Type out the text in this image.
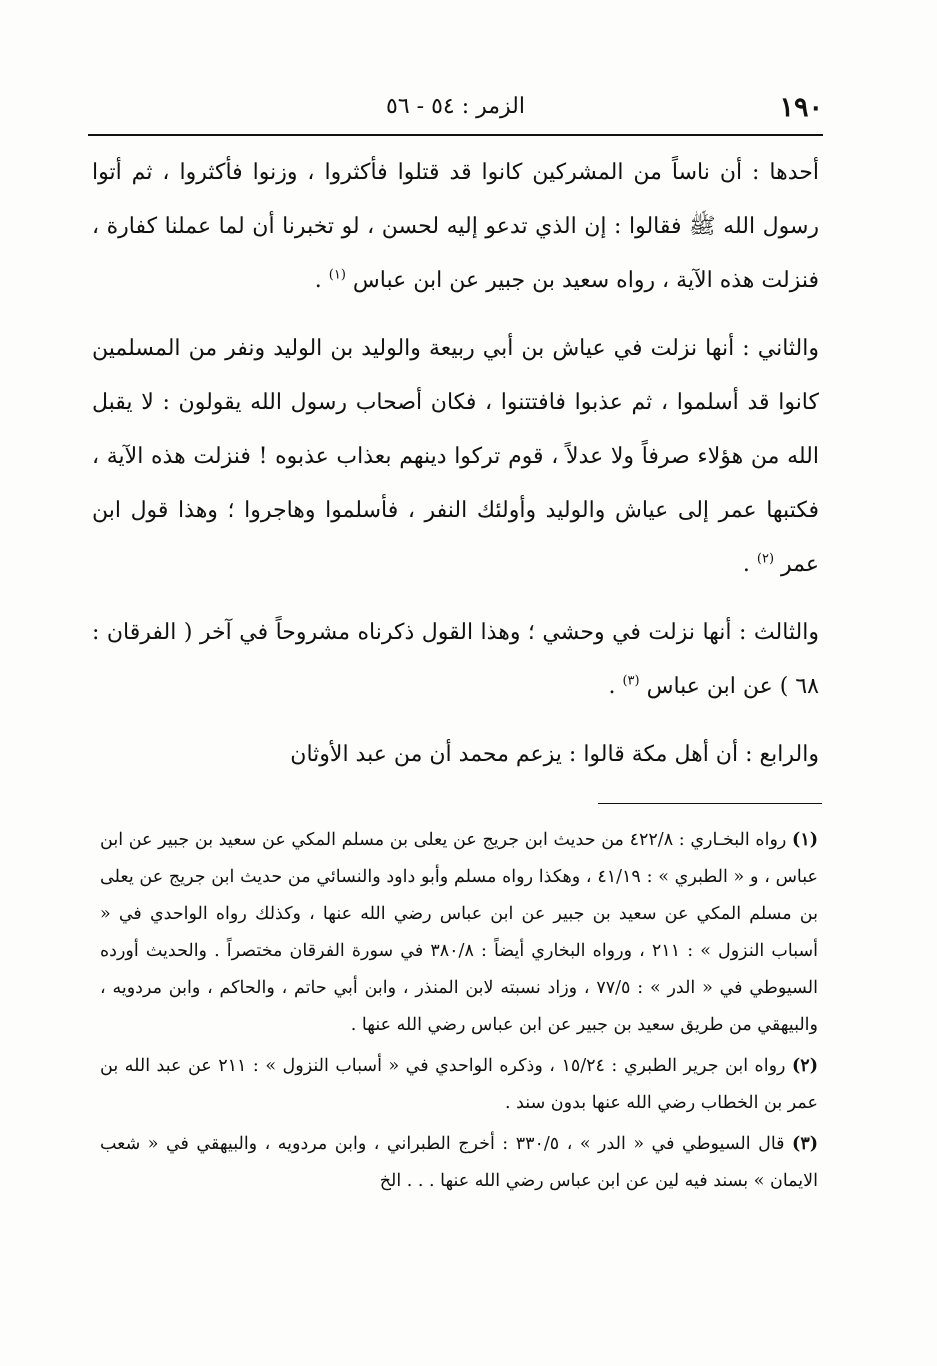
١٩٠
الزمر : ٥٤ - ٥٦

أحدها : أن ناساً من المشركين كانوا قد قتلوا فأكثروا ، وزنوا فأكثروا ، ثم أتوا رسول الله ﷺ فقالوا : إن الذي تدعو إليه لحسن ، لو تخبرنا أن لما عملنا كفارة ، فنزلت هذه الآية ، رواه سعيد بن جبير عن ابن عباس $^{(١)}$ .

والثاني : أنها نزلت في عياش بن أبي ربيعة والوليد بن الوليد ونفر من المسلمين كانوا قد أسلموا ، ثم عذبوا فافتتنوا ، فكان أصحاب رسول الله يقولون : لا يقبل الله من هؤلاء صرفاً ولا عدلاً ، قوم تركوا دينهم بعذاب عذبوه ! فنزلت هذه الآية ، فكتبها عمر إلى عياش والوليد وأولئك النفر ، فأسلموا وهاجروا ؛ وهذا قول ابن عمر $^{(٢)}$ .

والثالث : أنها نزلت في وحشي ؛ وهذا القول ذكرناه مشروحاً في آخر ( الفرقان : ٦٨ ) عن ابن عباس $^{(٣)}$ .

والرابع : أن أهل مكة قالوا : يزعم محمد أن من عبد الأوثان

(١) رواه البخـاري : ٤٢٢/٨ من حديث ابن جريج عن يعلى بن مسلم المكي عن سعيد بن جبير عن ابن عباس ، و « الطبري » : ٤١/١٩ ، وهكذا رواه مسلم وأبو داود والنسائي من حديث ابن جريج عن يعلى بن مسلم المكي عن سعيد بن جبير عن ابن عباس رضي الله عنها ، وكذلك رواه الواحدي في « أسباب النزول » : ٢١١ ، ورواه البخاري أيضاً : ٣٨٠/٨ في سورة الفرقان مختصراً . والحديث أورده السيوطي في « الدر » : ٧٧/٥ ، وزاد نسبته لابن المنذر ، وابن أبي حاتم ، والحاكم ، وابن مردويه ، والبيهقي من طريق سعيد بن جبير عن ابن عباس رضي الله عنها .

(٢) رواه ابن جرير الطبري : ١٥/٢٤ ، وذكره الواحدي في « أسباب النزول » : ٢١١ عن عبد الله بن عمر بن الخطاب رضي الله عنها بدون سند .

(٣) قال السيوطي في « الدر » ، ٣٣٠/٥ : أخرج الطبراني ، وابن مردويه ، والبيهقي في « شعب الايمان » بسند فيه لين عن ابن عباس رضي الله عنها . . . الخ
